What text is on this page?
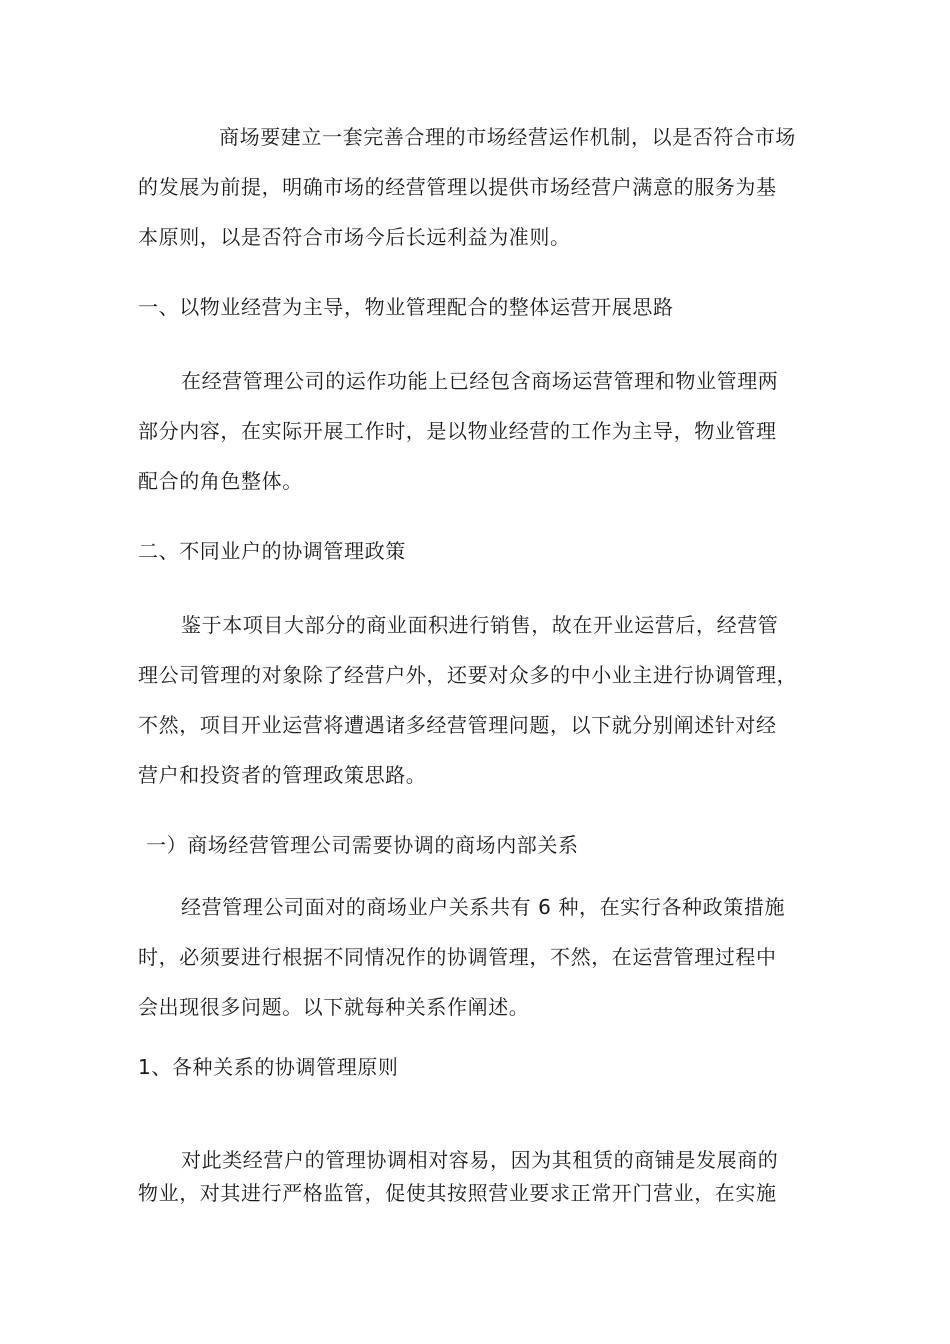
商场要建立一套完善合理的市场经营运作机制，以是否符合市场
的发展为前提，明确市场的经营管理以提供市场经营户满意的服务为基
本原则，以是否符合市场今后长远利益为准则。
一、以物业经营为主导，物业管理配合的整体运营开展思路
在经营管理公司的运作功能上已经包含商场运营管理和物业管理两
部分内容，在实际开展工作时，是以物业经营的工作为主导，物业管理
配合的角色整体。
二、不同业户的协调管理政策
鉴于本项目大部分的商业面积进行销售，故在开业运营后，经营管
理公司管理的对象除了经营户外，还要对众多的中小业主进行协调管理，
不然，项目开业运营将遭遇诸多经营管理问题，以下就分别阐述针对经
营户和投资者的管理政策思路。
一）商场经营管理公司需要协调的商场内部关系
经营管理公司面对的商场业户关系共有 6 种，在实行各种政策措施
时，必须要进行根据不同情况作的协调管理，不然，在运营管理过程中
会出现很多问题。以下就每种关系作阐述。
1、各种关系的协调管理原则
对此类经营户的管理协调相对容易，因为其租赁的商铺是发展商的
物业，对其进行严格监管，促使其按照营业要求正常开门营业，在实施
